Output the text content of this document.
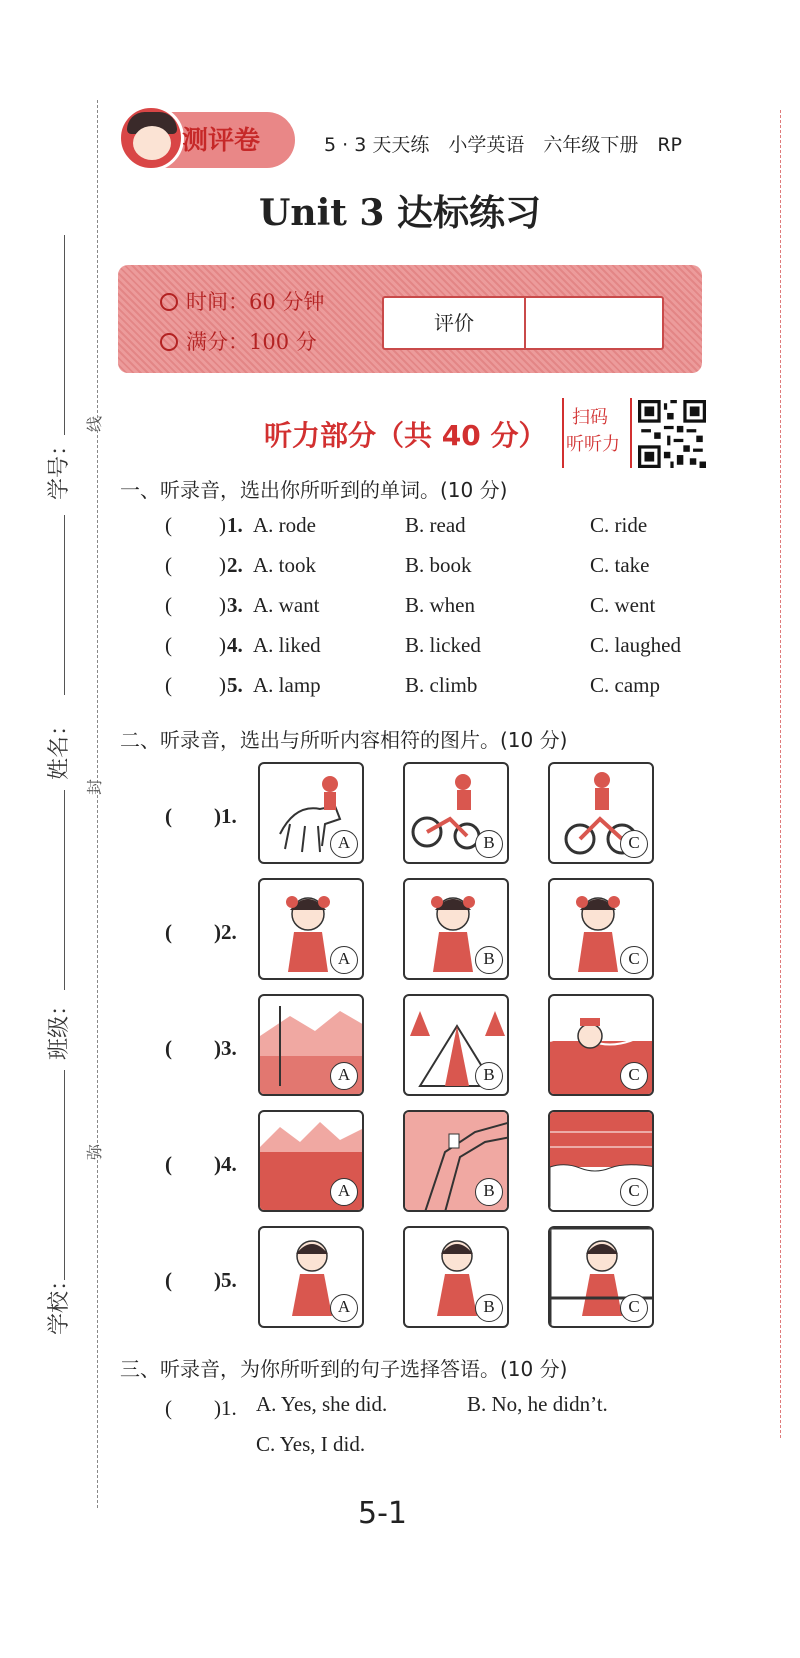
学号：
姓名：
班级：
学校：
线
封
弥
测评卷	5 · 3 天天练　小学英语　六年级下册　RP
Unit 3 达标练习
时间：60 分钟
满分：100 分
评价
听力部分（共 40 分）
扫码
听听力
一、听录音，选出你所听到的单词。(10 分)
( ) 1. A. rode	B. read	C. ride
( ) 2. A. took	B. book	C. take
( ) 3. A. want	B. when	C. went
( ) 4. A. liked	B. licked	C. laughed
( ) 5. A. lamp	B. climb	C. camp
二、听录音，选出与所听内容相符的图片。(10 分)
(　　)1.
A	B	C
(　　)2.
A	B	C
(　　)3.
A	B	C
(　　)4.
A	B	C
(　　)5.
A	B	C
三、听录音，为你所听到的句子选择答语。(10 分)
(　　)1. A. Yes, she did.	B. No, he didn’t.
C. Yes, I did.
5-1
